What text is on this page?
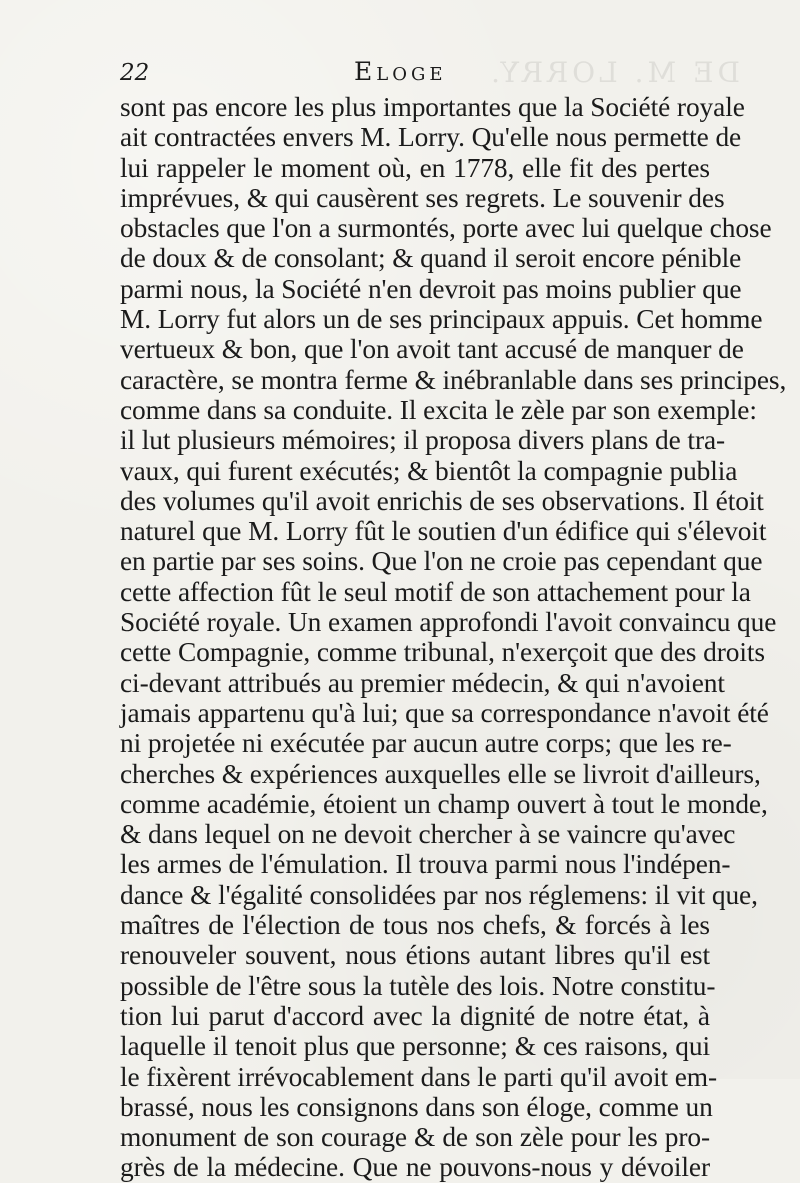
DE M. LORRY.
22	Eloge
sont pas encore les plus importantes que la Société royale
ait contractées envers M. Lorry. Qu'elle nous permette de
lui rappeler le moment où, en 1778, elle fit des pertes
imprévues, & qui causèrent ses regrets. Le souvenir des
obstacles que l'on a surmontés, porte avec lui quelque chose
de doux & de consolant; & quand il seroit encore pénible
parmi nous, la Société n'en devroit pas moins publier que
M. Lorry fut alors un de ses principaux appuis. Cet homme
vertueux & bon, que l'on avoit tant accusé de manquer de
caractère, se montra ferme & inébranlable dans ses principes,
comme dans sa conduite. Il excita le zèle par son exemple:
il lut plusieurs mémoires; il proposa divers plans de tra-
vaux, qui furent exécutés; & bientôt la compagnie publia
des volumes qu'il avoit enrichis de ses observations. Il étoit
naturel que M. Lorry fût le soutien d'un édifice qui s'élevoit
en partie par ses soins. Que l'on ne croie pas cependant que
cette affection fût le seul motif de son attachement pour la
Société royale. Un examen approfondi l'avoit convaincu que
cette Compagnie, comme tribunal, n'exerçoit que des droits
ci-devant attribués au premier médecin, & qui n'avoient
jamais appartenu qu'à lui; que sa correspondance n'avoit été
ni projetée ni exécutée par aucun autre corps; que les re-
cherches & expériences auxquelles elle se livroit d'ailleurs,
comme académie, étoient un champ ouvert à tout le monde,
& dans lequel on ne devoit chercher à se vaincre qu'avec
les armes de l'émulation. Il trouva parmi nous l'indépen-
dance & l'égalité consolidées par nos réglemens: il vit que,
maîtres de l'élection de tous nos chefs, & forcés à les
renouveler souvent, nous étions autant libres qu'il est
possible de l'être sous la tutèle des lois. Notre constitu-
tion lui parut d'accord avec la dignité de notre état, à
laquelle il tenoit plus que personne; & ces raisons, qui
le fixèrent irrévocablement dans le parti qu'il avoit em-
brassé, nous les consignons dans son éloge, comme un
monument de son courage & de son zèle pour les pro-
grès de la médecine. Que ne pouvons-nous y dévoiler
